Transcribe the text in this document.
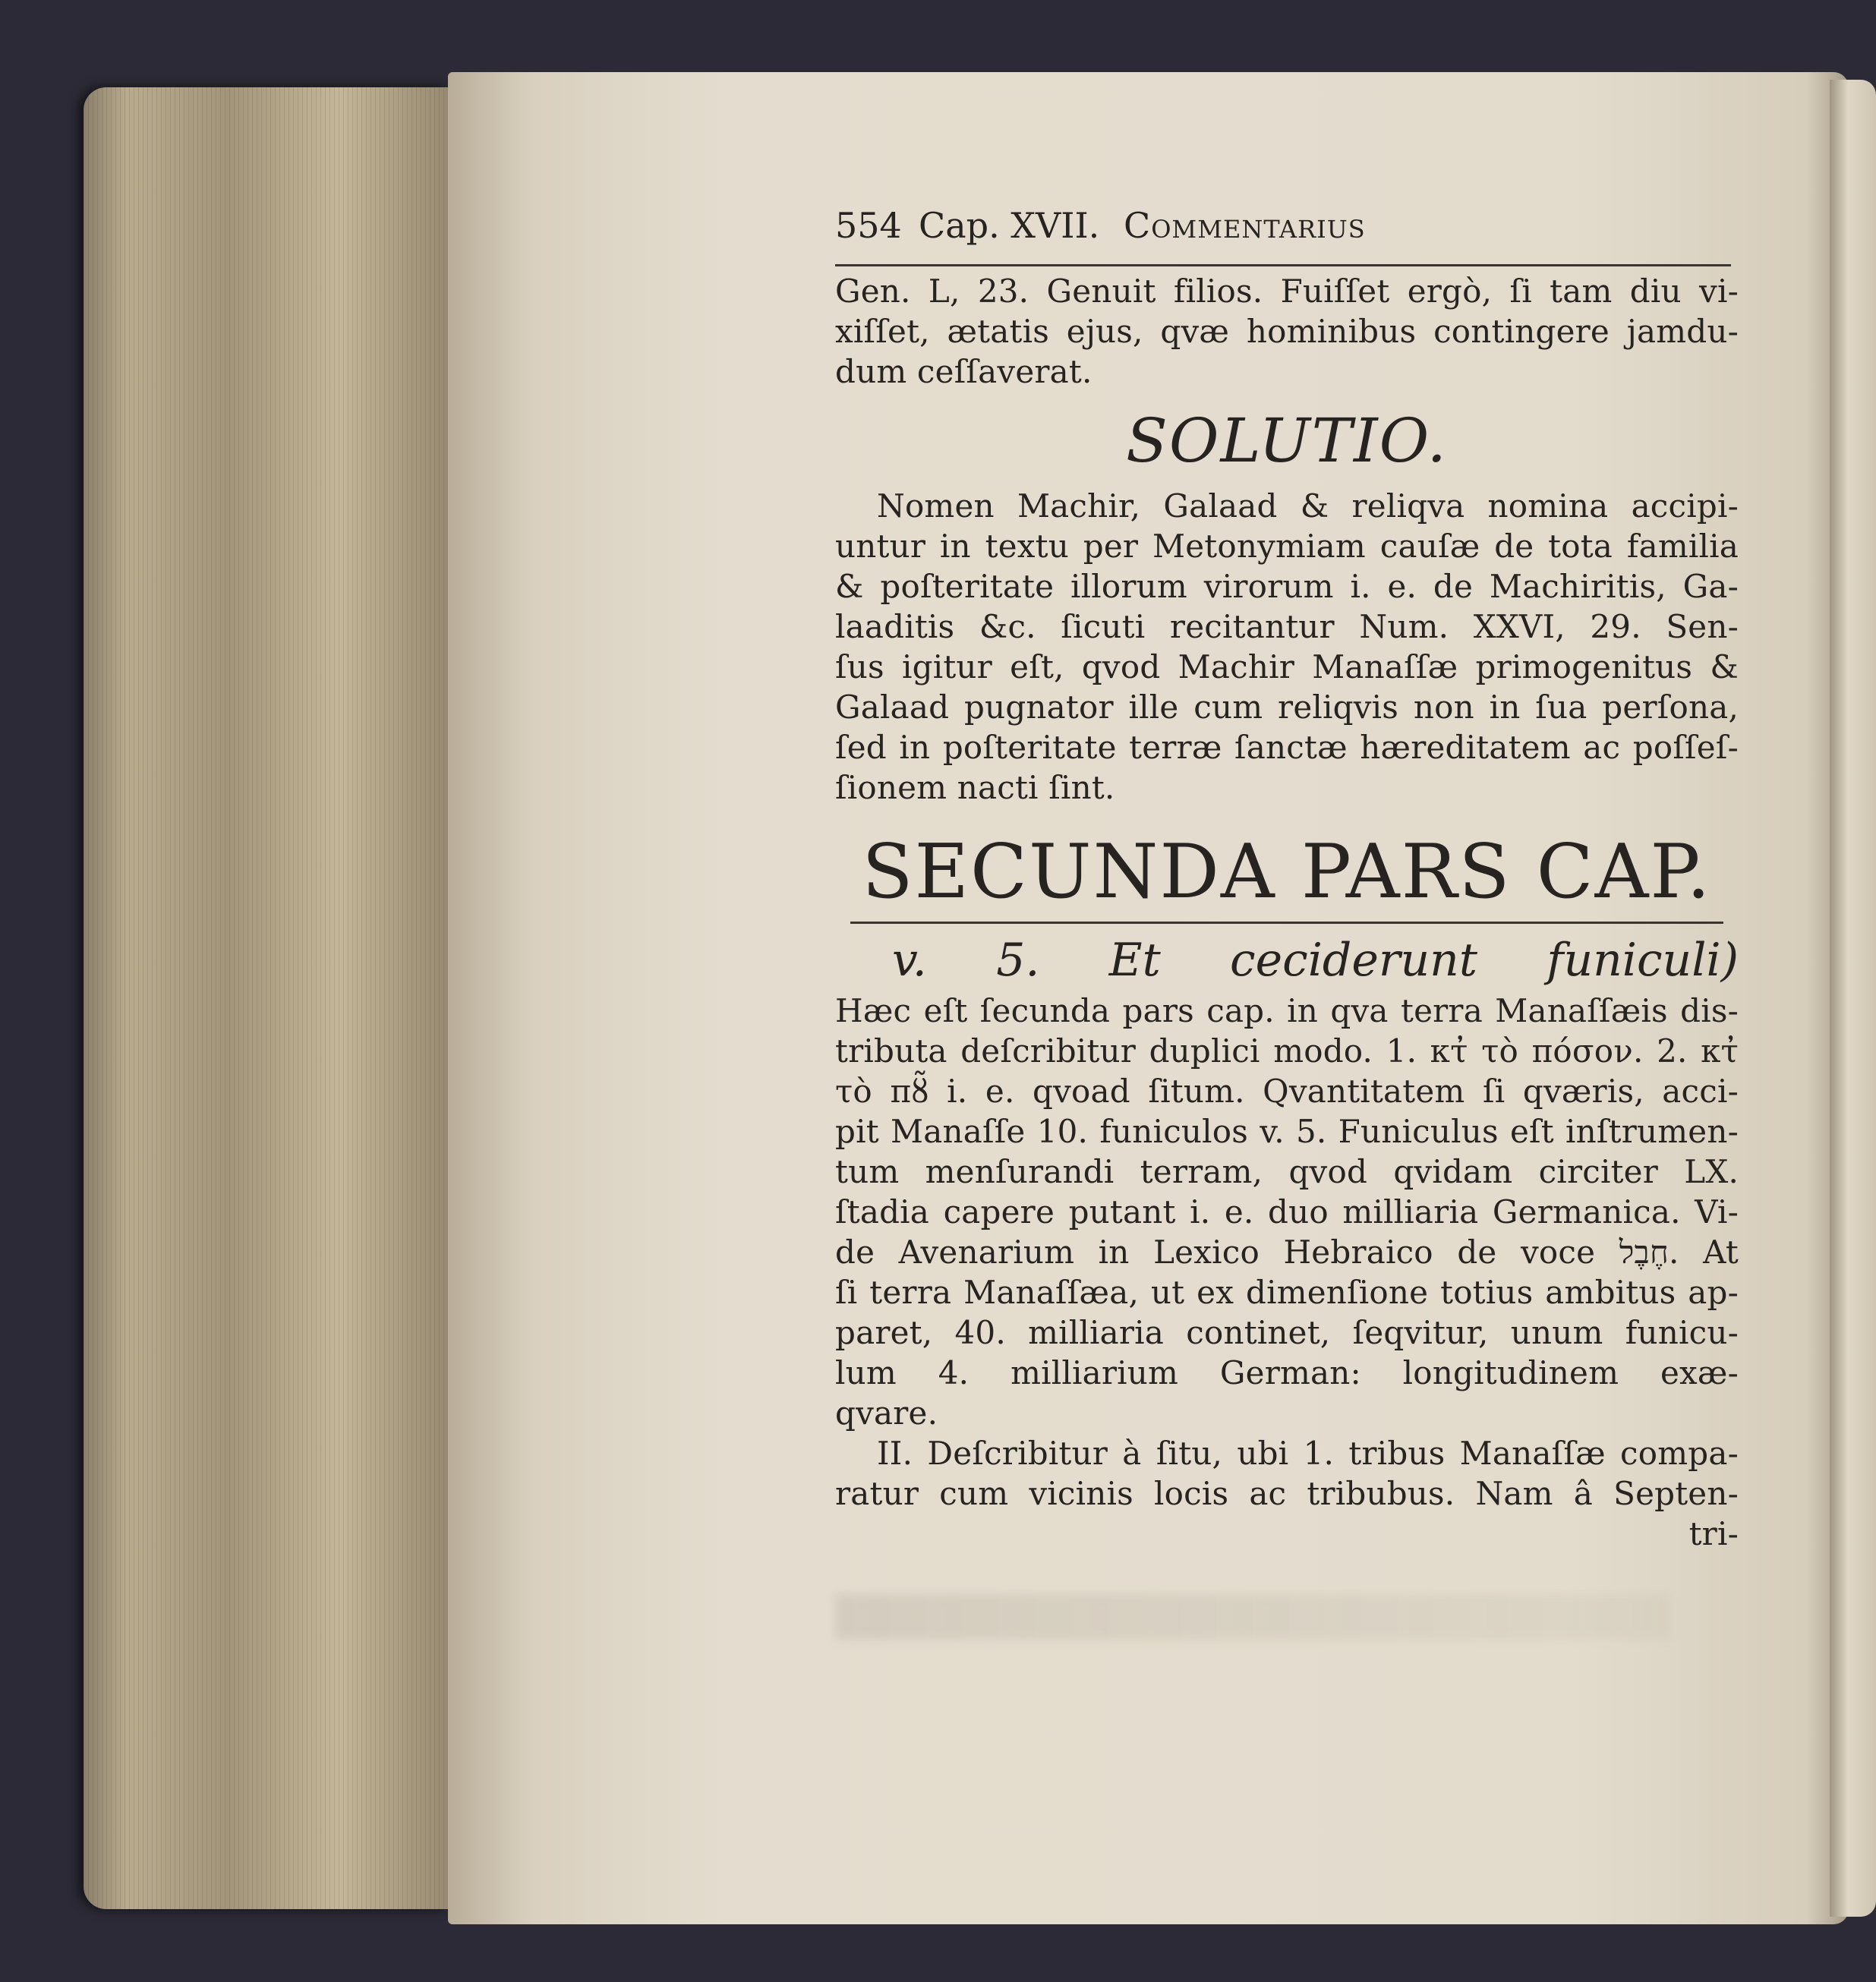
554 Cap. XVII. Commentarius
Gen. L, 23. Genuit filios. Fuiſſet ergò, ſi tam diu vi-
xiſſet, ætatis ejus, qvæ hominibus contingere jamdu-
dum ceſſaverat.
SOLUTIO.
Nomen Machir, Galaad & reliqva nomina accipi-
untur in textu per Metonymiam cauſæ de tota familia
& poſteritate illorum virorum i. e. de Machiritis, Ga-
laaditis &c. ſicuti recitantur Num. XXVI, 29. Sen-
ſus igitur eſt, qvod Machir Manaſſæ primogenitus &
Galaad pugnator ille cum reliqvis non in ſua perſona,
ſed in poſteritate terræ ſanctæ hæreditatem ac poſſeſ-
ſionem nacti ſint.
SECUNDA PARS CAP.
v. 5. Et ceciderunt funiculi)
Hæc eſt ſecunda pars cap. in qva terra Manaſſæis dis-
tributa deſcribitur duplici modo. 1. κτ̓ τὸ πόσον. 2. κτ̓
τὸ πȣ̃ i. e. qvoad ſitum. Qvantitatem ſi qværis, acci-
pit Manaſſe 10. funiculos v. 5. Funiculus eſt inſtrumen-
tum menſurandi terram, qvod qvidam circiter LX.
ſtadia capere putant i. e. duo milliaria Germanica. Vi-
de Avenarium in Lexico Hebraico de voce חֶבֶל. At
ſi terra Manaſſæa, ut ex dimenſione totius ambitus ap-
paret, 40. milliaria continet, ſeqvitur, unum funicu-
lum 4. milliarium German: longitudinem exæ-
qvare.
II. Deſcribitur à ſitu, ubi 1. tribus Manaſſæ compa-
ratur cum vicinis locis ac tribubus. Nam â Septen-
tri-
